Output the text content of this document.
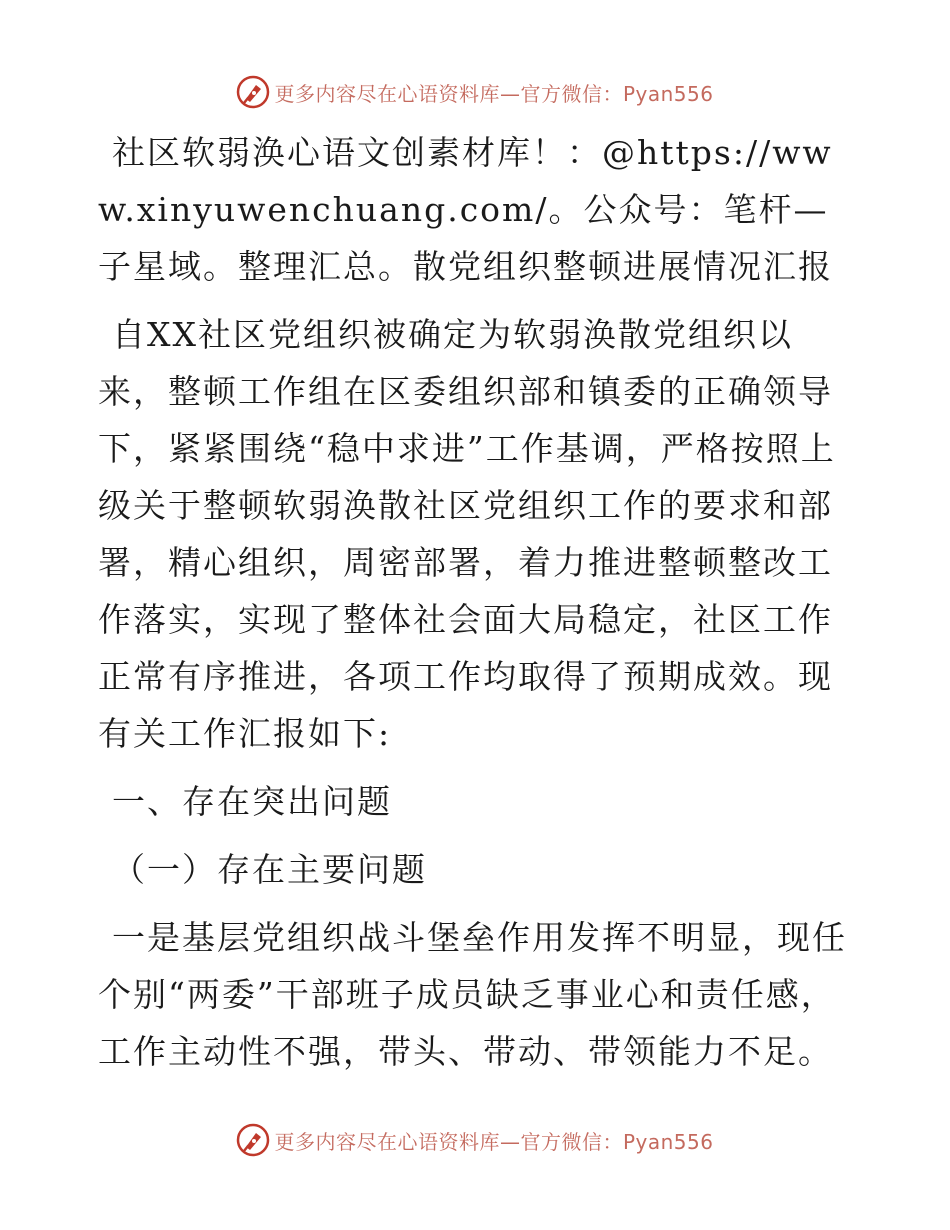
更多内容尽在心语资料库—官方微信：Pyan556

社区软弱涣心语文创素材库！：@https://www.xinyuwenchuang.com/。公众号：笔杆—子星域。整理汇总。散党组织整顿进展情况汇报

自XX社区党组织被确定为软弱涣散党组织以来，整顿工作组在区委组织部和镇委的正确领导下，紧紧围绕“稳中求进”工作基调，严格按照上级关于整顿软弱涣散社区党组织工作的要求和部署，精心组织，周密部署，着力推进整顿整改工作落实，实现了整体社会面大局稳定，社区工作正常有序推进，各项工作均取得了预期成效。现有关工作汇报如下:

一、存在突出问题

（一）存在主要问题

一是基层党组织战斗堡垒作用发挥不明显，现任个别“两委”干部班子成员缺乏事业心和责任感，工作主动性不强，带头、带动、带领能力不足。

更多内容尽在心语资料库—官方微信：Pyan556
